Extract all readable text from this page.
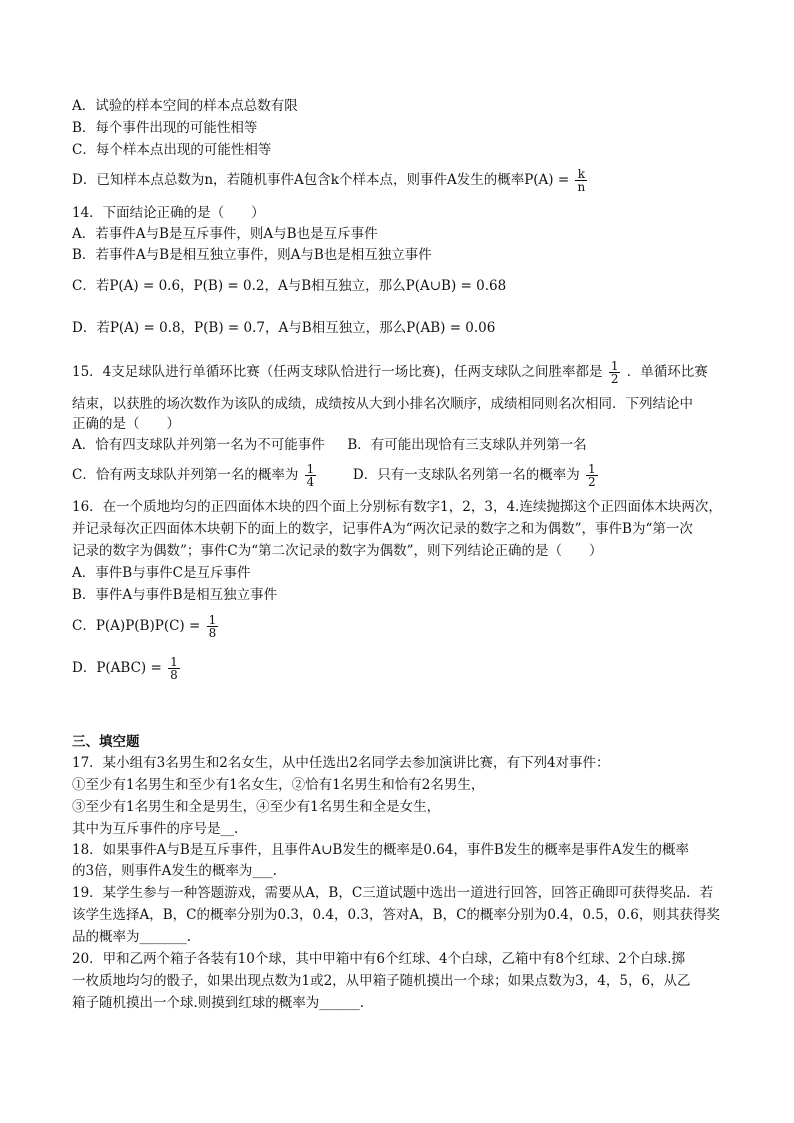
A．试验的样本空间的样本点总数有限
B．每个事件出现的可能性相等
C．每个样本点出现的可能性相等
D．已知样本点总数为n，若随机事件A包含k个样本点，则事件A发生的概率$P(A) = \frac{k}{n}$
14．下面结论正确的是（　　）
A．若事件A与B是互斥事件，则A与B也是互斥事件
B．若事件A与B是相互独立事件，则A与B也是相互独立事件
C．若P(A) = 0.6，P(B) = 0.2，A与B相互独立，那么P(A∪B) = 0.68
D．若P(A) = 0.8，P(B) = 0.7，A与B相互独立，那么P(AB) = 0.06
15．4支足球队进行单循环比赛（任两支球队恰进行一场比赛)，任两支球队之间胜率都是 $\frac{1}{2}$ ．单循环比赛
结束，以获胜的场次数作为该队的成绩，成绩按从大到小排名次顺序，成绩相同则名次相同．下列结论中
正确的是（　　）
A．恰有四支球队并列第一名为不可能事件 B．有可能出现恰有三支球队并列第一名
C．恰有两支球队并列第一名的概率为 $\frac{1}{4}$	D．只有一支球队名列第一名的概率为 $\frac{1}{2}$
16．在一个质地均匀的正四面体木块的四个面上分别标有数字1，2，3，4.连续抛掷这个正四面体木块两次，
并记录每次正四面体木块朝下的面上的数字，记事件A为“两次记录的数字之和为偶数”，事件B为“第一次
记录的数字为偶数”；事件C为“第二次记录的数字为偶数”，则下列结论正确的是（　　）
A．事件B与事件C是互斥事件
B．事件A与事件B是相互独立事件
C．$P(A)P(B)P(C) = \frac{1}{8}$
D．$P(ABC) = \frac{1}{8}$
三、填空题
17．某小组有3名男生和2名女生，从中任选出2名同学去参加演讲比赛，有下列4对事件：
①至少有1名男生和至少有1名女生，②恰有1名男生和恰有2名男生，
③至少有1名男生和全是男生，④至少有1名男生和全是女生，
其中为互斥事件的序号是__.
18．如果事件A与B是互斥事件，且事件A∪B发生的概率是0.64，事件B发生的概率是事件A发生的概率
的3倍，则事件A发生的概率为___.
19．某学生参与一种答题游戏，需要从A，B，C三道试题中选出一道进行回答，回答正确即可获得奖品．若
该学生选择A，B，C的概率分别为0.3，0.4，0.3，答对A，B，C的概率分别为0.4，0.5，0.6，则其获得奖
品的概率为_______.
20．甲和乙两个箱子各装有10个球，其中甲箱中有6个红球、4个白球，乙箱中有8个红球、2个白球.掷
一枚质地均匀的骰子，如果出现点数为1或2，从甲箱子随机摸出一个球；如果点数为3，4，5，6，从乙
箱子随机摸出一个球.则摸到红球的概率为______.
